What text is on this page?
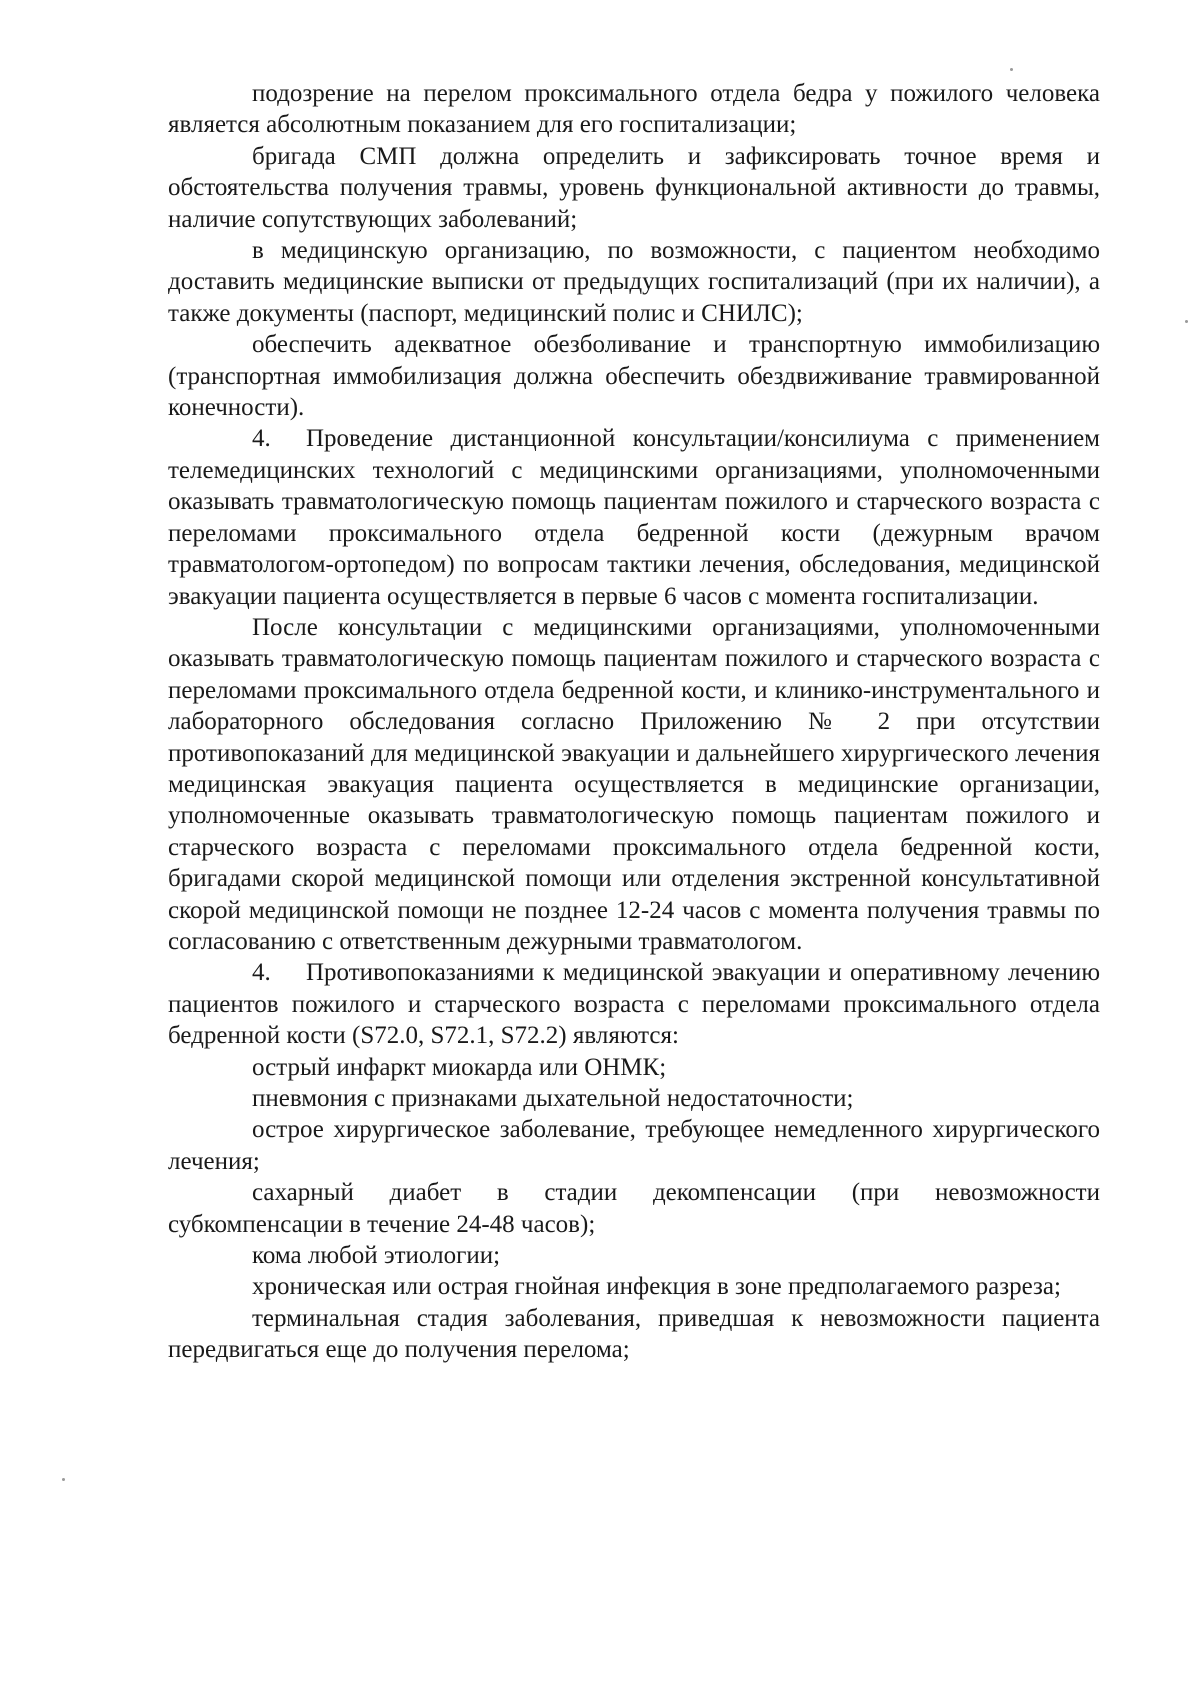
подозрение на перелом проксимального отдела бедра у пожилого человека является абсолютным показанием для его госпитализации;

бригада СМП должна определить и зафиксировать точное время и обстоятельства получения травмы, уровень функциональной активности до травмы, наличие сопутствующих заболеваний;

в медицинскую организацию, по возможности, с пациентом необходимо доставить медицинские выписки от предыдущих госпитализаций (при их наличии), а также документы (паспорт, медицинский полис и СНИЛС);

обеспечить адекватное обезболивание и транспортную иммобилизацию (транспортная иммобилизация должна обеспечить обездвиживание травмированной конечности).

4. Проведение дистанционной консультации/консилиума с применением телемедицинских технологий с медицинскими организациями, уполномоченными оказывать травматологическую помощь пациентам пожилого и старческого возраста с переломами проксимального отдела бедренной кости (дежурным врачом травматологом-ортопедом) по вопросам тактики лечения, обследования, медицинской эвакуации пациента осуществляется в первые 6 часов с момента госпитализации.

После консультации с медицинскими организациями, уполномоченными оказывать травматологическую помощь пациентам пожилого и старческого возраста с переломами проксимального отдела бедренной кости, и клинико-инструментального и лабораторного обследования согласно Приложению № 2 при отсутствии противопоказаний для медицинской эвакуации и дальнейшего хирургического лечения медицинская эвакуация пациента осуществляется в медицинские организации, уполномоченные оказывать травматологическую помощь пациентам пожилого и старческого возраста с переломами проксимального отдела бедренной кости, бригадами скорой медицинской помощи или отделения экстренной консультативной скорой медицинской помощи не позднее 12-24 часов с момента получения травмы по согласованию с ответственным дежурными травматологом.

4. Противопоказаниями к медицинской эвакуации и оперативному лечению пациентов пожилого и старческого возраста с переломами проксимального отдела бедренной кости (S72.0, S72.1, S72.2) являются:

острый инфаркт миокарда или ОНМК;

пневмония с признаками дыхательной недостаточности;

острое хирургическое заболевание, требующее немедленного хирургического лечения;

сахарный диабет в стадии декомпенсации (при невозможности субкомпенсации в течение 24-48 часов);

кома любой этиологии;

хроническая или острая гнойная инфекция в зоне предполагаемого разреза;

терминальная стадия заболевания, приведшая к невозможности пациента передвигаться еще до получения перелома;
